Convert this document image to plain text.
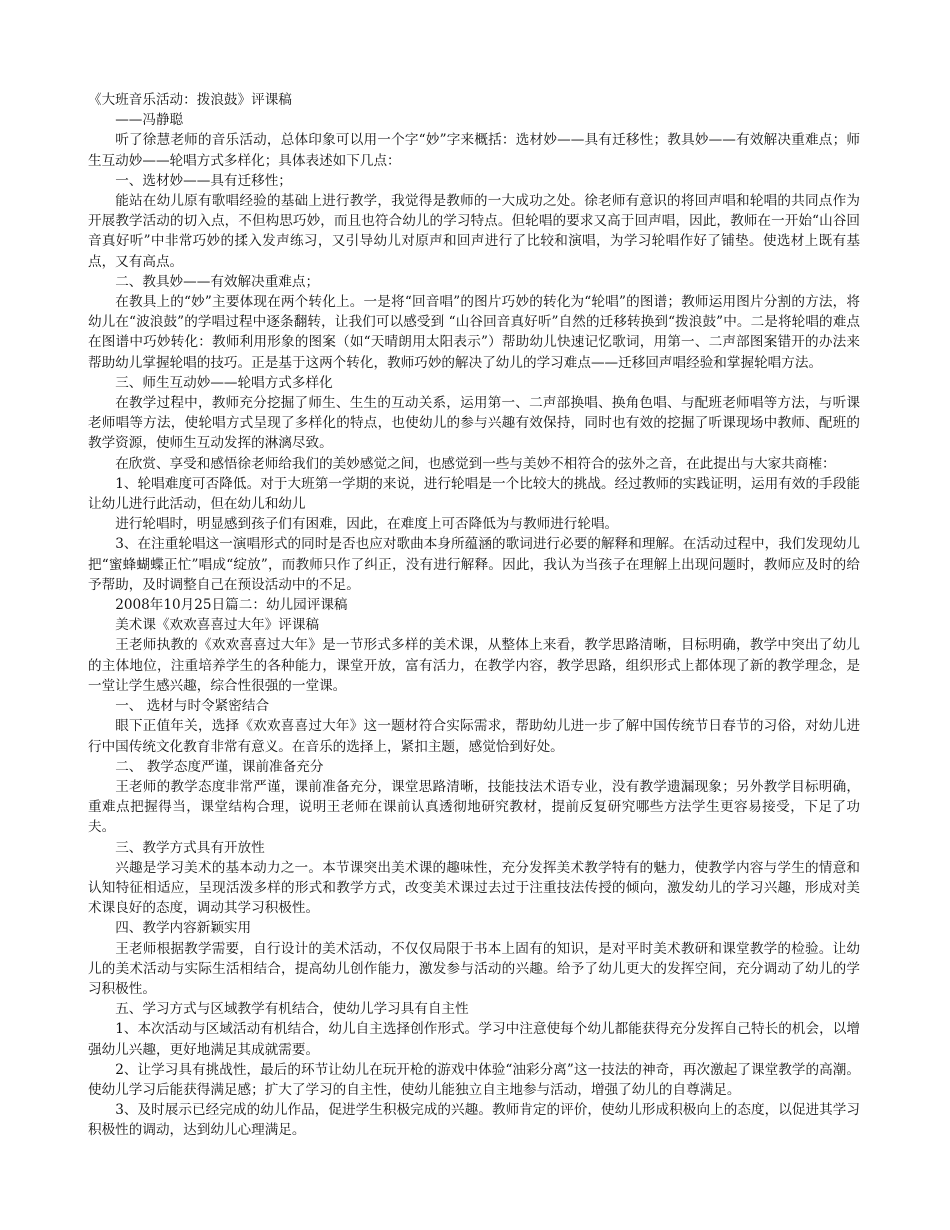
《大班音乐活动：拨浪鼓》评课稿

——冯静聪

听了徐慧老师的音乐活动，总体印象可以用一个字“妙”字来概括：选材妙——具有迁移性；教具妙——有效解决重难点；师生互动妙——轮唱方式多样化；具体表述如下几点：

一、选材妙——具有迁移性；

能站在幼儿原有歌唱经验的基础上进行教学，我觉得是教师的一大成功之处。徐老师有意识的将回声唱和轮唱的共同点作为开展教学活动的切入点，不但构思巧妙，而且也符合幼儿的学习特点。但轮唱的要求又高于回声唱，因此，教师在一开始“山谷回音真好听”中非常巧妙的揉入发声练习，又引导幼儿对原声和回声进行了比较和演唱，为学习轮唱作好了铺垫。使选材上既有基点，又有高点。

二、教具妙——有效解决重难点；

在教具上的“妙”主要体现在两个转化上。一是将“回音唱”的图片巧妙的转化为“轮唱”的图谱；教师运用图片分割的方法，将幼儿在“波浪鼓”的学唱过程中逐条翻转，让我们可以感受到 “山谷回音真好听”自然的迁移转换到“拨浪鼓”中。二是将轮唱的难点在图谱中巧妙转化：教师利用形象的图案（如“天晴朗用太阳表示”）帮助幼儿快速记忆歌词，用第一、二声部图案错开的办法来帮助幼儿掌握轮唱的技巧。正是基于这两个转化，教师巧妙的解决了幼儿的学习难点——迁移回声唱经验和掌握轮唱方法。

三、师生互动妙——轮唱方式多样化

在教学过程中，教师充分挖掘了师生、生生的互动关系，运用第一、二声部换唱、换角色唱、与配班老师唱等方法，与听课老师唱等方法，使轮唱方式呈现了多样化的特点，也使幼儿的参与兴趣有效保持，同时也有效的挖掘了听课现场中教师、配班的教学资源，使师生互动发挥的淋漓尽致。

在欣赏、享受和感悟徐老师给我们的美妙感觉之间，也感觉到一些与美妙不相符合的弦外之音，在此提出与大家共商榷：

1、轮唱难度可否降低。对于大班第一学期的来说，进行轮唱是一个比较大的挑战。经过教师的实践证明，运用有效的手段能让幼儿进行此活动，但在幼儿和幼儿

进行轮唱时，明显感到孩子们有困难，因此，在难度上可否降低为与教师进行轮唱。

3、在注重轮唱这一演唱形式的同时是否也应对歌曲本身所蕴涵的歌词进行必要的解释和理解。在活动过程中，我们发现幼儿把“蜜蜂蝴蝶正忙”唱成“绽放”，而教师只作了纠正，没有进行解释。因此，我认为当孩子在理解上出现问题时，教师应及时的给予帮助，及时调整自己在预设活动中的不足。

2008年10月25日篇二：幼儿园评课稿

美术课《欢欢喜喜过大年》评课稿

王老师执教的《欢欢喜喜过大年》是一节形式多样的美术课，从整体上来看，教学思路清晰，目标明确，教学中突出了幼儿的主体地位，注重培养学生的各种能力，课堂开放，富有活力，在教学内容，教学思路，组织形式上都体现了新的教学理念，是一堂让学生感兴趣，综合性很强的一堂课。

一、 选材与时令紧密结合

眼下正值年关，选择《欢欢喜喜过大年》这一题材符合实际需求，帮助幼儿进一步了解中国传统节日春节的习俗，对幼儿进行中国传统文化教育非常有意义。在音乐的选择上，紧扣主题，感觉恰到好处。

二、 教学态度严谨，课前准备充分

王老师的教学态度非常严谨，课前准备充分，课堂思路清晰，技能技法术语专业，没有教学遗漏现象；另外教学目标明确，重难点把握得当，课堂结构合理，说明王老师在课前认真透彻地研究教材，提前反复研究哪些方法学生更容易接受，下足了功夫。

三、教学方式具有开放性

兴趣是学习美术的基本动力之一。本节课突出美术课的趣味性，充分发挥美术教学特有的魅力，使教学内容与学生的情意和认知特征相适应，呈现活泼多样的形式和教学方式，改变美术课过去过于注重技法传授的倾向，激发幼儿的学习兴趣，形成对美术课良好的态度，调动其学习积极性。

四、教学内容新颖实用

王老师根据教学需要，自行设计的美术活动，不仅仅局限于书本上固有的知识，是对平时美术教研和课堂教学的检验。让幼儿的美术活动与实际生活相结合，提高幼儿创作能力，激发参与活动的兴趣。给予了幼儿更大的发挥空间，充分调动了幼儿的学习积极性。

五、学习方式与区域教学有机结合，使幼儿学习具有自主性

1、本次活动与区域活动有机结合，幼儿自主选择创作形式。学习中注意使每个幼儿都能获得充分发挥自己特长的机会，以增强幼儿兴趣，更好地满足其成就需要。

2、让学习具有挑战性，最后的环节让幼儿在玩开枪的游戏中体验“油彩分离”这一技法的神奇，再次激起了课堂教学的高潮。使幼儿学习后能获得满足感；扩大了学习的自主性，使幼儿能独立自主地参与活动，增强了幼儿的自尊满足。

3、及时展示已经完成的幼儿作品，促进学生积极完成的兴趣。教师肯定的评价，使幼儿形成积极向上的态度，以促进其学习积极性的调动，达到幼儿心理满足。
